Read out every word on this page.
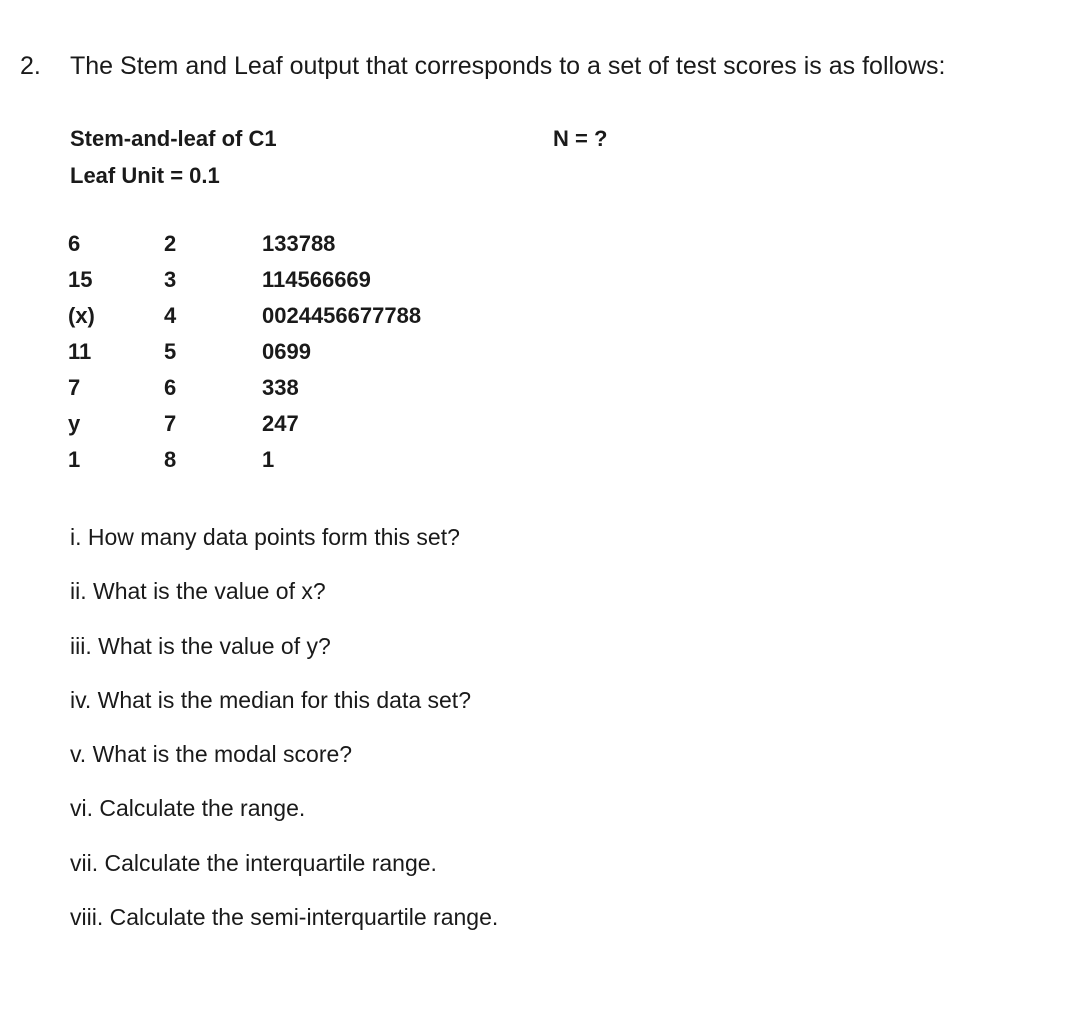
2. The Stem and Leaf output that corresponds to a set of test scores is as follows:
Stem-and-leaf of C1	N = ?
Leaf Unit = 0.1
6	2	133788
15	3	114566669
(x)	4	0024456677788
11	5	0699
7	6	338
y	7	247
1	8	1
i. How many data points form this set?
ii. What is the value of x?
iii. What is the value of y?
iv. What is the median for this data set?
v. What is the modal score?
vi. Calculate the range.
vii. Calculate the interquartile range.
viii. Calculate the semi-interquartile range.
